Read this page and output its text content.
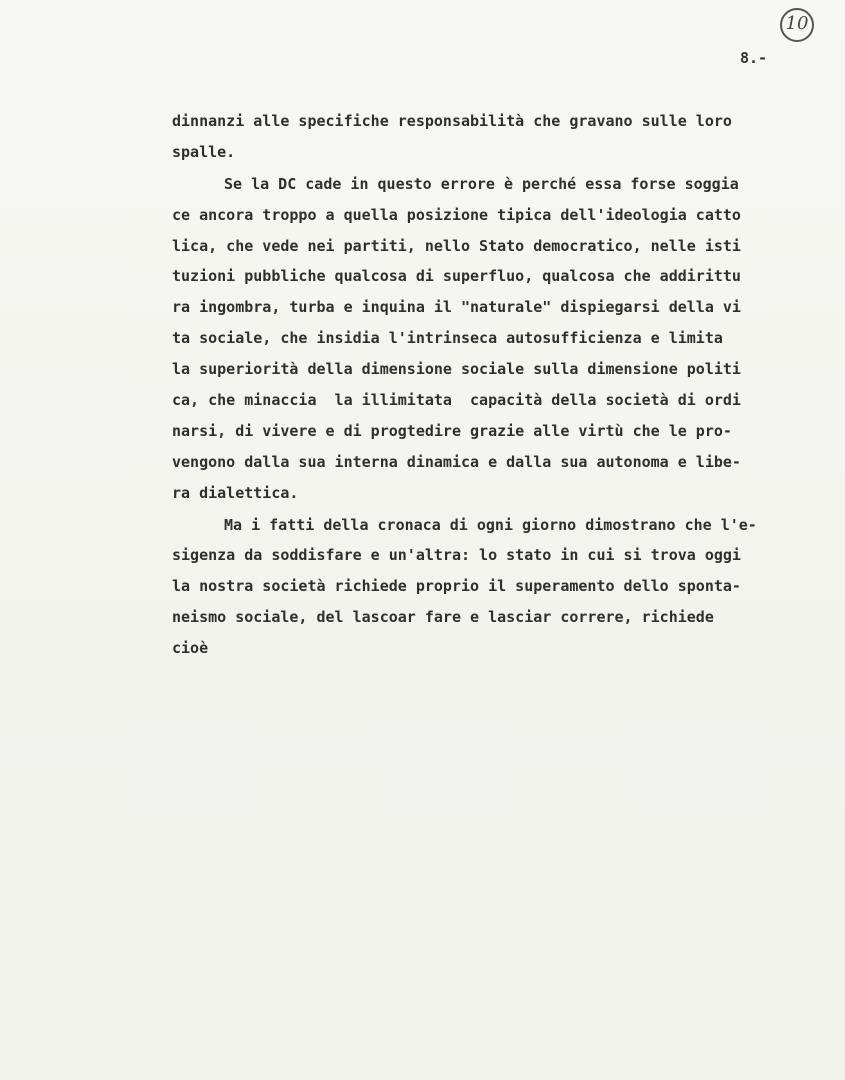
10
8.-
dinnanzi alle specifiche responsabilità che gravano sulle loro
spalle.
Se la DC cade in questo errore è perché essa forse soggia
ce ancora troppo a quella posizione tipica dell'ideologia catto
lica, che vede nei partiti, nello Stato democratico, nelle isti
tuzioni pubbliche qualcosa di superfluo, qualcosa che addirittu
ra ingombra, turba e inquina il "naturale" dispiegarsi della vi
ta sociale, che insidia l'intrinseca autosufficienza e limita
la superiorità della dimensione sociale sulla dimensione politi
ca, che minaccia  la illimitata  capacità della società di ordi
narsi, di vivere e di progtedire grazie alle virtù che le pro-
vengono dalla sua interna dinamica e dalla sua autonoma e libe-
ra dialettica.
Ma i fatti della cronaca di ogni giorno dimostrano che l'e-
sigenza da soddisfare e un'altra: lo stato in cui si trova oggi
la nostra società richiede proprio il superamento dello sponta-
neismo sociale, del lascoar fare e lasciar correre, richiede
cioè
